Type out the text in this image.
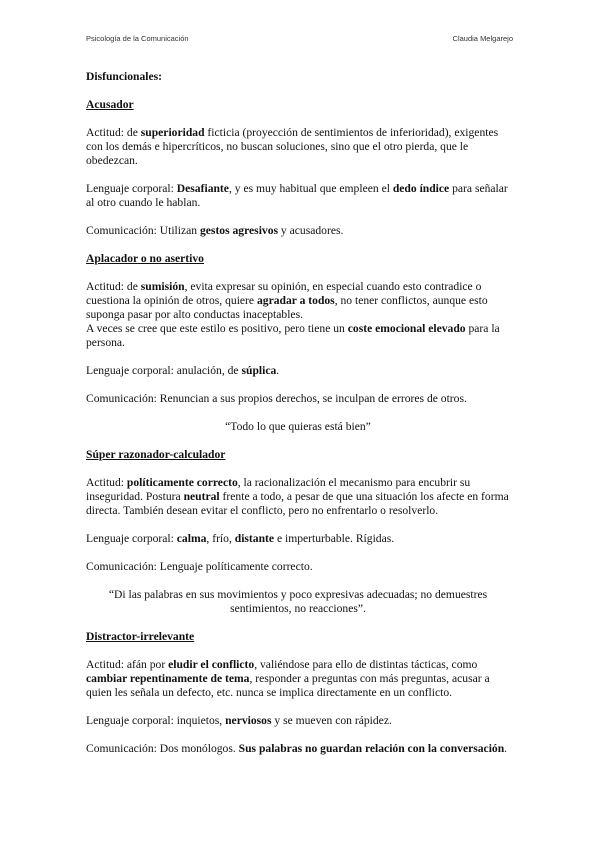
Psicología de la Comunicación	Claudia Melgarejo
Disfuncionales:
Acusador

Actitud: de superioridad ficticia (proyección de sentimientos de inferioridad), exigentes con los demás e hipercríticos, no buscan soluciones, sino que el otro pierda, que le obedezcan.

Lenguaje corporal: Desafiante, y es muy habitual que empleen el dedo índice para señalar al otro cuando le hablan.

Comunicación: Utilizan gestos agresivos y acusadores.

Aplacador o no asertivo

Actitud: de sumisión, evita expresar su opinión, en especial cuando esto contradice o cuestiona la opinión de otros, quiere agradar a todos, no tener conflictos, aunque esto suponga pasar por alto conductas inaceptables.

A veces se cree que este estilo es positivo, pero tiene un coste emocional elevado para la persona.

Lenguaje corporal: anulación, de súplica.

Comunicación: Renuncian a sus propios derechos, se inculpan de errores de otros.

“Todo lo que quieras está bien”

Súper razonador-calculador

Actitud: políticamente correcto, la racionalización el mecanismo para encubrir su inseguridad. Postura neutral frente a todo, a pesar de que una situación los afecte en forma directa. También desean evitar el conflicto, pero no enfrentarlo o resolverlo.

Lenguaje corporal: calma, frío, distante e imperturbable. Rígidas.

Comunicación: Lenguaje políticamente correcto.

“Di las palabras en sus movimientos y poco expresivas adecuadas; no demuestres sentimientos, no reacciones”.

Distractor-irrelevante

Actitud: afán por eludir el conflicto, valiéndose para ello de distintas tácticas, como cambiar repentinamente de tema, responder a preguntas con más preguntas, acusar a quien les señala un defecto, etc. nunca se implica directamente en un conflicto.

Lenguaje corporal: inquietos, nerviosos y se mueven con rápidez.

Comunicación: Dos monólogos. Sus palabras no guardan relación con la conversación.
